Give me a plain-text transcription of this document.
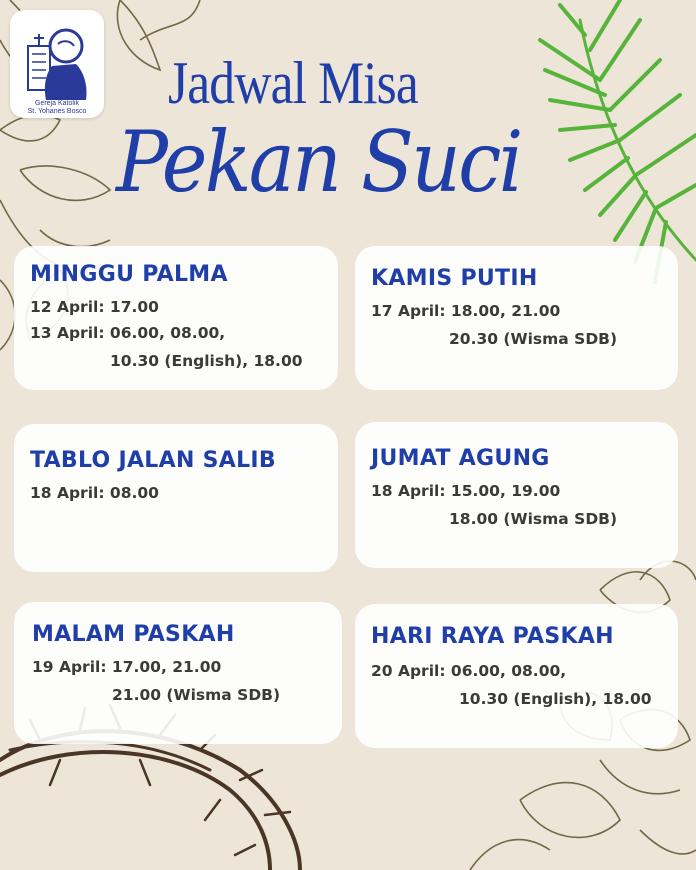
Gereja Katolik
St. Yohanes Bosco Jadwal Misa
Pekan Suci
MINGGU PALMA
12 April: 17.00
13 April: 06.00, 08.00,
10.30 (English), 18.00
KAMIS PUTIH
17 April: 18.00, 21.00
20.30 (Wisma SDB)
TABLO JALAN SALIB
18 April: 08.00
JUMAT AGUNG
18 April: 15.00, 19.00
18.00 (Wisma SDB)
MALAM PASKAH
19 April: 17.00, 21.00
21.00 (Wisma SDB)
HARI RAYA PASKAH
20 April: 06.00, 08.00,
10.30 (English), 18.00
